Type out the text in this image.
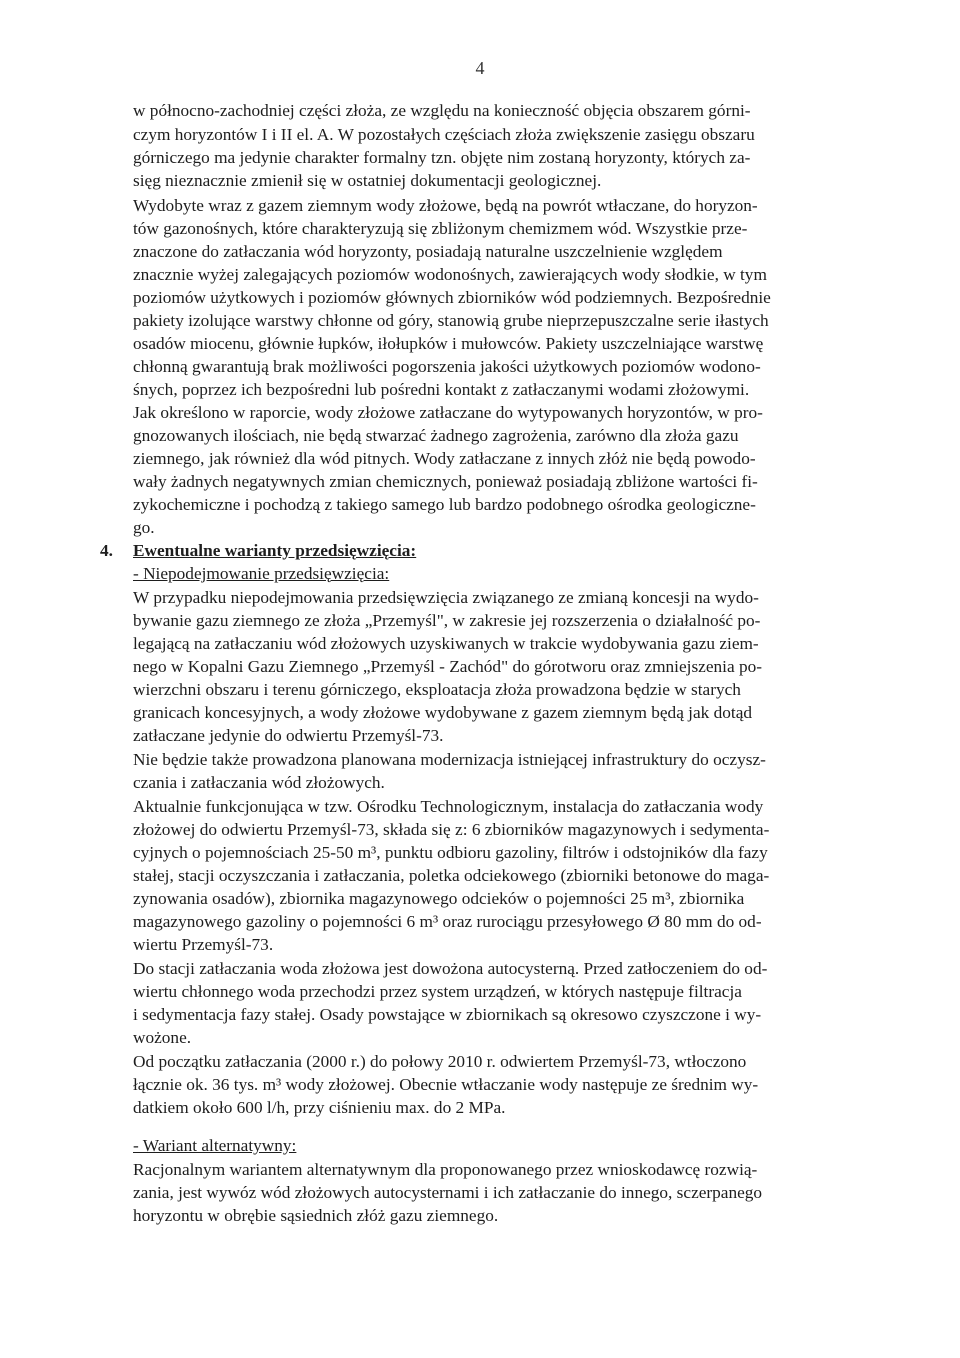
4
w północno-zachodniej części złoża, ze względu na konieczność objęcia obszarem górni-
czym horyzontów I i II el. A. W pozostałych częściach złoża zwiększenie zasięgu obszaru
górniczego ma jedynie charakter formalny tzn. objęte nim zostaną horyzonty, których za-
sięg nieznacznie zmienił się w ostatniej dokumentacji geologicznej.
Wydobyte wraz z gazem ziemnym wody złożowe, będą na powrót wtłaczane, do horyzon-
tów gazonośnych, które charakteryzują się zbliżonym chemizmem wód. Wszystkie prze-
znaczone do zatłaczania wód horyzonty, posiadają naturalne uszczelnienie względem
znacznie wyżej zalegających poziomów wodonośnych, zawierających wody słodkie, w tym
poziomów użytkowych i poziomów głównych zbiorników wód podziemnych. Bezpośrednie
pakiety izolujące warstwy chłonne od góry, stanowią grube nieprzepuszczalne serie iłastych
osadów miocenu, głównie łupków, iłołupków i mułowców. Pakiety uszczelniające warstwę
chłonną gwarantują brak możliwości pogorszenia jakości użytkowych poziomów wodono-
śnych, poprzez ich bezpośredni lub pośredni kontakt z zatłaczanymi wodami złożowymi.
Jak określono w raporcie, wody złożowe zatłaczane do wytypowanych horyzontów, w pro-
gnozowanych ilościach, nie będą stwarzać żadnego zagrożenia, zarówno dla złoża gazu
ziemnego, jak również dla wód pitnych. Wody zatłaczane z innych złóż nie będą powodo-
wały żadnych negatywnych zmian chemicznych, ponieważ posiadają zbliżone wartości fi-
zykochemiczne i pochodzą z takiego samego lub bardzo podobnego ośrodka geologiczne-
go.
4. Ewentualne warianty przedsięwzięcia:
- Niepodejmowanie przedsięwzięcia:
W przypadku niepodejmowania przedsięwzięcia związanego ze zmianą koncesji na wydo-
bywanie gazu ziemnego ze złoża „Przemyśl", w zakresie jej rozszerzenia o działalność po-
legającą na zatłaczaniu wód złożowych uzyskiwanych w trakcie wydobywania gazu ziem-
nego w Kopalni Gazu Ziemnego „Przemyśl - Zachód" do górotworu oraz zmniejszenia po-
wierzchni obszaru i terenu górniczego, eksploatacja złoża prowadzona będzie w starych
granicach koncesyjnych, a wody złożowe wydobywane z gazem ziemnym będą jak dotąd
zatłaczane jedynie do odwiertu Przemyśl-73.
Nie będzie także prowadzona planowana modernizacja istniejącej infrastruktury do oczysz-
czania i zatłaczania wód złożowych.
Aktualnie funkcjonująca w tzw. Ośrodku Technologicznym, instalacja do zatłaczania wody
złożowej do odwiertu Przemyśl-73, składa się z: 6 zbiorników magazynowych i sedymenta-
cyjnych o pojemnościach 25-50 m³, punktu odbioru gazoliny, filtrów i odstojników dla fazy
stałej, stacji oczyszczania i zatłaczania, poletka odciekowego (zbiorniki betonowe do maga-
zynowania osadów), zbiornika magazynowego odcieków o pojemności 25 m³, zbiornika
magazynowego gazoliny o pojemności 6 m³ oraz rurociągu przesyłowego Ø 80 mm do od-
wiertu Przemyśl-73.
Do stacji zatłaczania woda złożowa jest dowożona autocysterną. Przed zatłoczeniem do od-
wiertu chłonnego woda przechodzi przez system urządzeń, w których następuje filtracja
i sedymentacja fazy stałej. Osady powstające w zbiornikach są okresowo czyszczone i wy-
wożone.
Od początku zatłaczania (2000 r.) do połowy 2010 r. odwiertem Przemyśl-73, wtłoczono
łącznie ok. 36 tys. m³ wody złożowej. Obecnie wtłaczanie wody następuje ze średnim wy-
datkiem około 600 l/h, przy ciśnieniu max. do 2 MPa.
- Wariant alternatywny:
Racjonalnym wariantem alternatywnym dla proponowanego przez wnioskodawcę rozwią-
zania, jest wywóz wód złożowych autocysternami i ich zatłaczanie do innego, sczerpanego
horyzontu w obrębie sąsiednich złóż gazu ziemnego.
